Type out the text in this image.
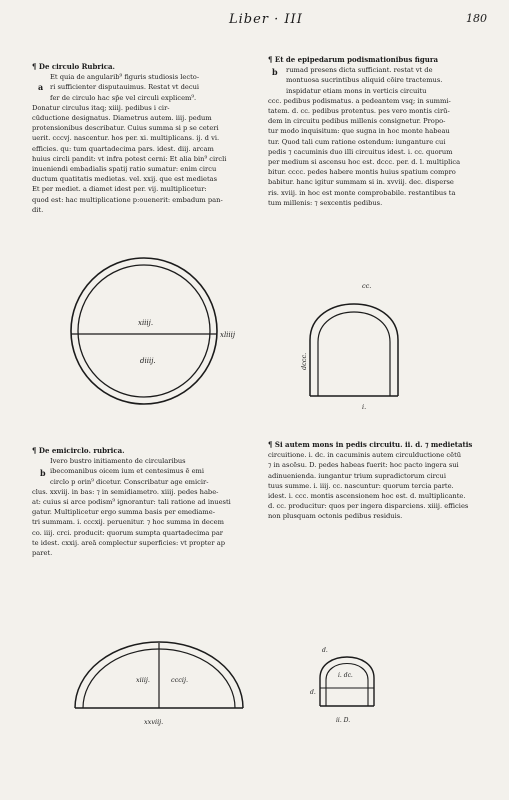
Liber · III	180

¶ De circulo Rubrica.

a

Et quia de angularib⁹ figuris studiosis lecto-

ri sufficienter disputauimus. Restat vt decui

fer de circulo hac sp̄e vel circuli explicem⁹.

Donatur circulus itaq; xiiij. pedibus i cir-

cūductione designatus. Diametrus autem. iiij. pedum

protensionibus describatur. Cuius summa si p se ceteri

uerit. cccvj. nascentur. hos per. xi. multiplicans. ij. d vi.

efficies. qu: tum quartadecima pars. idest. diij. arcam

huius circli pandit: vt infra potest cerni: Et alia bin⁹ circli

inueniendi embadialis spatij ratio sumatur: enim circu

ductum quatitatis medietas. vel. xxij. que est medietas

Et per mediet. a diamet idest per. vij. multiplicetur:

quod est: hac multiplicatione p:ouenerit: embadum pan-

dit.

¶ Et de epipedarum podismationibus figura

b rumad presens dicta sufficiant. restat vt de

montuosa sucrintibus aliquid cōire tractemus.

inspidatur etiam mons in verticis circuitu

ccc. pedibus podismatus. a pedeantem vsq; in summi-

tatem. d. cc. pedibus protentus. pes vero montis cirū-

dem in circuitu pedibus millenis consignetur. Propo-

tur modo inquisitum: que sugna in hoc monte habeau

tur. Quod tali cum ratione ostendum: iunganture cui

pedis ⁊ cacuminis duo illi circuitus idest. i. cc. quorum

per medium si ascensu hoc est. dccc. per. d. l. multiplica

bitur. cccc. pedes habere montis huius spatium compro

babitur. hanc igitur summam si in. xvviij. dec. disperse

ris. xviij. in hoc est monte comprobabile. restantibus ta

tum millenis: ⁊ sexcentis pedibus.

xiiij.
xliiij
diiij.
cc.
dccc.
i.

¶ De emicirclo. rubrica.

b

Ivero bustro initiamento de circularibus

ibecomanibus oicem ium et centesimus ē emi

circlo p orin⁹ dicetur. Conscribatur age emicir-

clus. xxviij. in bas: ⁊ in semidiametro. xiiij. pedes habe-

at: cuius si arce podism⁹ ignorantur: tali ratione ad inuesti

gatur. Multiplicetur ergo summa basis per emediame-

tri summam. i. cccxij. peruenitur. ⁊ hoc summa in decem

co. iiij. crci. producit: quorum sumpta quartadecima par

te idest. cxxij. areā complectur superficies: vt propter ap

paret.

¶ Si autem mons in pedis circuitu. ii. d. ⁊ medietatis

circuitione. i. dc. in cacuminis autem circulductione cētū

⁊ in ascēsu. D. pedes habeas fuerit: hoc pacto ingera sui

adinuenienda. iungantur trium supradictorum circui

tuus summe. i. iiij. cc. nascuntur: quorum tercia parte.

idest. i. ccc. montis ascensionem hoc est. d. multiplicante.

d. cc. producitur: quos per ingera disparciens. xiiij. efficies

non plusquam octonis pedibus residuis.

xiiij.	cccij.
xxviij.
d.
i. dc.
d.
ii. D.
